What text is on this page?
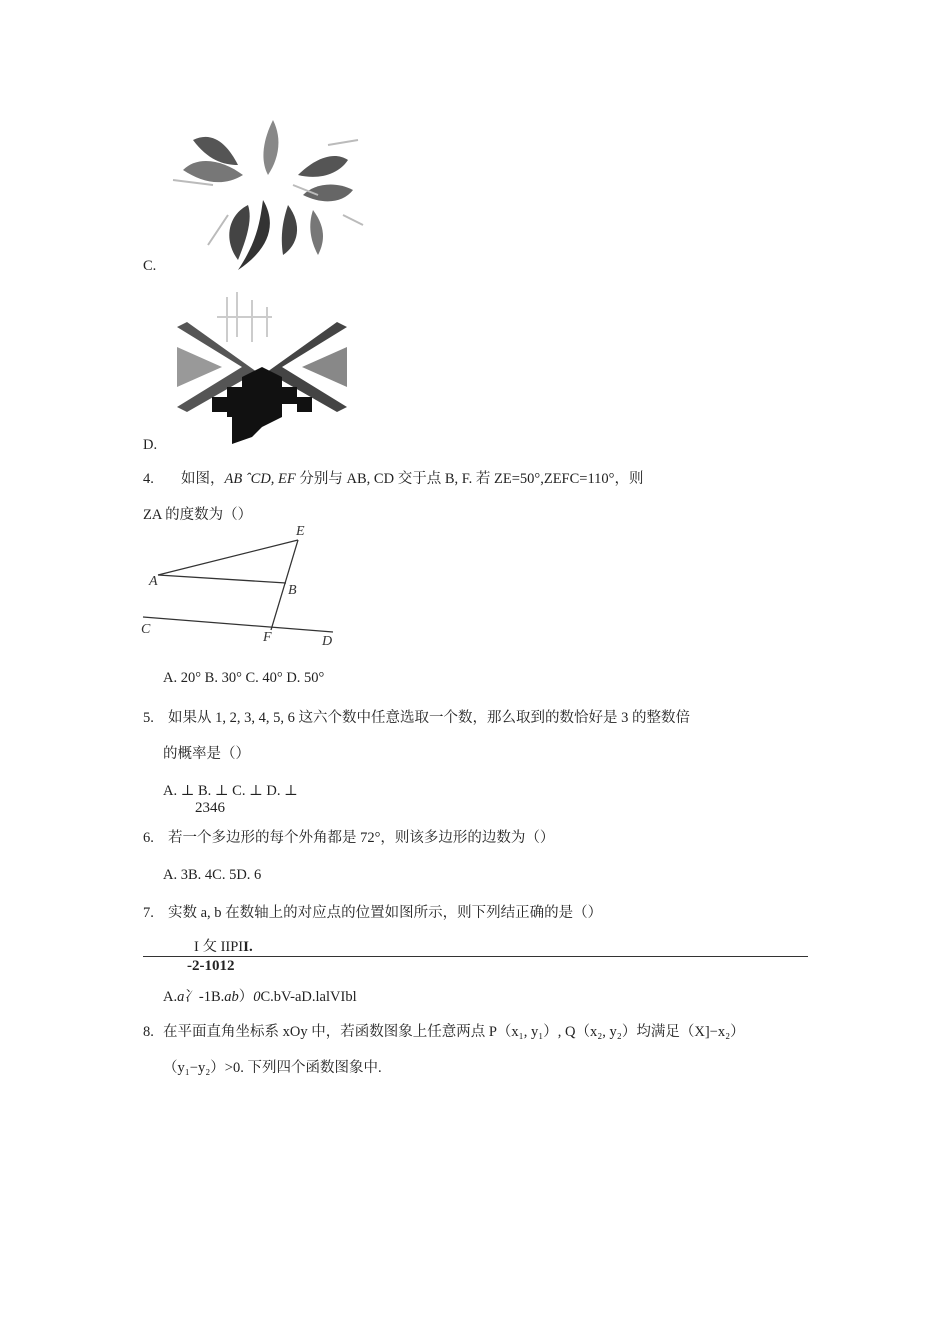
C.
D.
4. 如图，AB ˆCD, EF 分别与 AB, CD 交于点 B, F. 若 ZE=50°,ZEFC=110°，则
ZA 的度数为（）
E
A
B
C
F	D
A. 20° B. 30° C. 40° D. 50°
5. 如果从 1, 2, 3, 4, 5, 6 这六个数中任意选取一个数，那么取到的数恰好是 3 的整数倍
的概率是（）
A. ⊥ B. ⊥ C. ⊥ D. ⊥
2346
6. 若一个多边形的每个外角都是 72°，则该多边形的边数为（）
A. 3B. 4C. 5D. 6
7. 实数 a, b 在数轴上的对应点的位置如图所示，则下列结正确的是（）
I 攵 IIPII.
-2-1012
A.a冫-1B.ab）0C.bV-aD.lalVIbl
8. 在平面直角坐标系 xOy 中，若函数图象上任意两点 P（x₁, y₁）, Q（x₂, y₂）均满足（X]−x₂）
（y₁−y₂）>0. 下列四个函数图象中.
